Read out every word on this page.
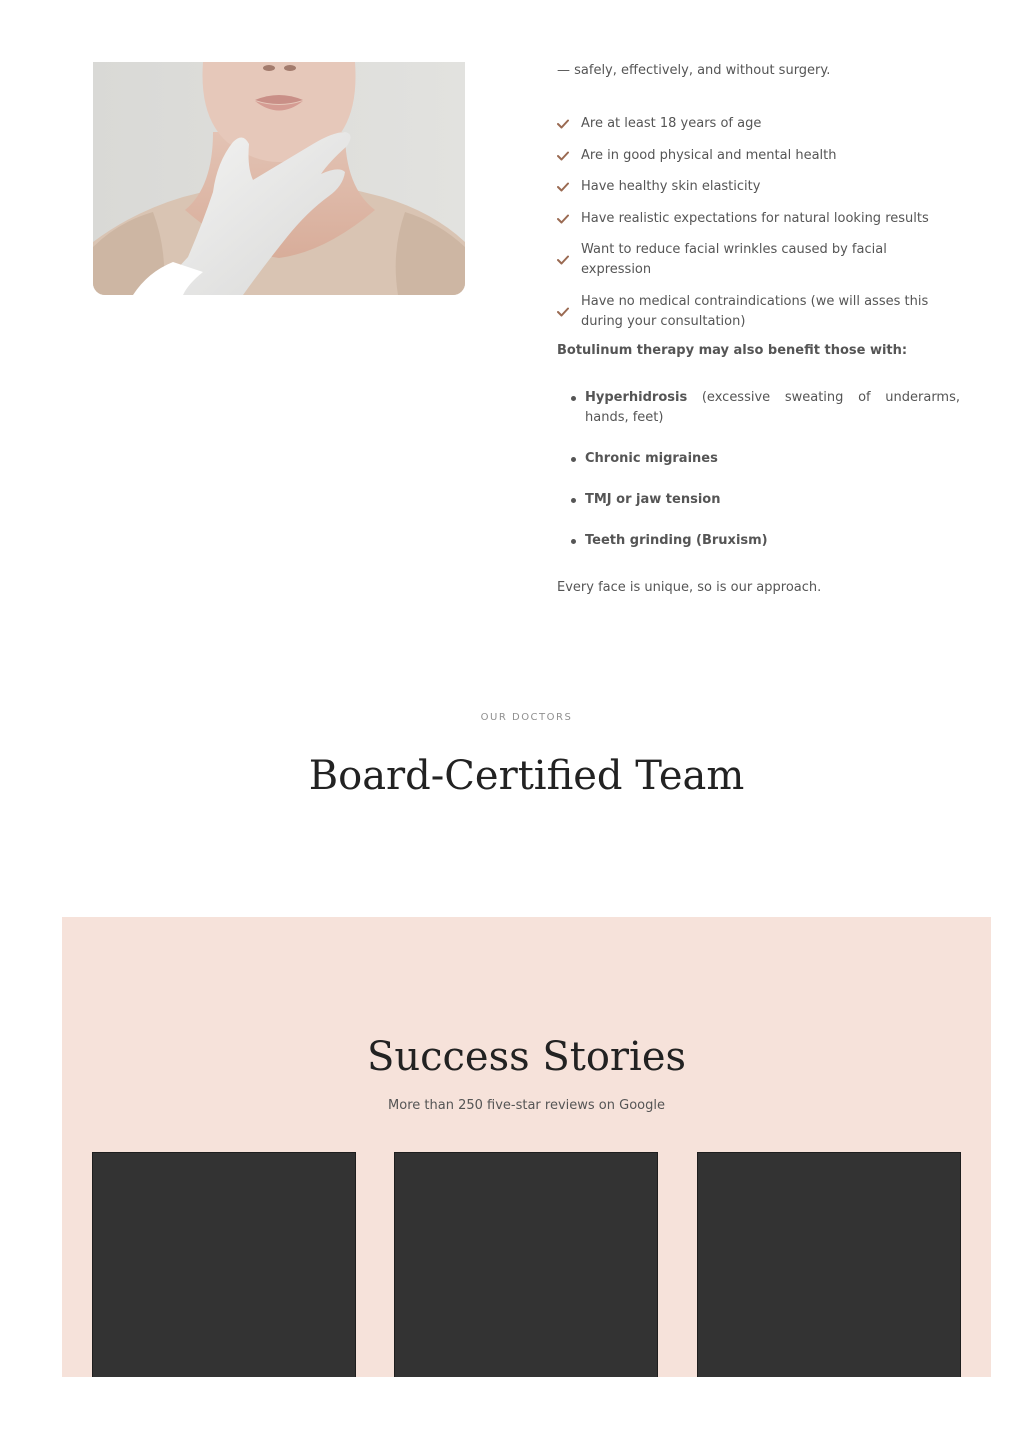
— safely, effectively, and without surgery.

Are at least 18 years of age
Are in good physical and mental health
Have healthy skin elasticity
Have realistic expectations for natural looking results
Want to reduce facial wrinkles caused by facial expression
Have no medical contraindications (we will asses this during your consultation)

Botulinum therapy may also benefit those with:

Hyperhidrosis (excessive sweating of underarms, hands, feet)
Chronic migraines
TMJ or jaw tension
Teeth grinding (Bruxism)

Every face is unique, so is our approach.

OUR DOCTORS

Board-Certified Team
Success Stories

More than 250 five-star reviews on Google
